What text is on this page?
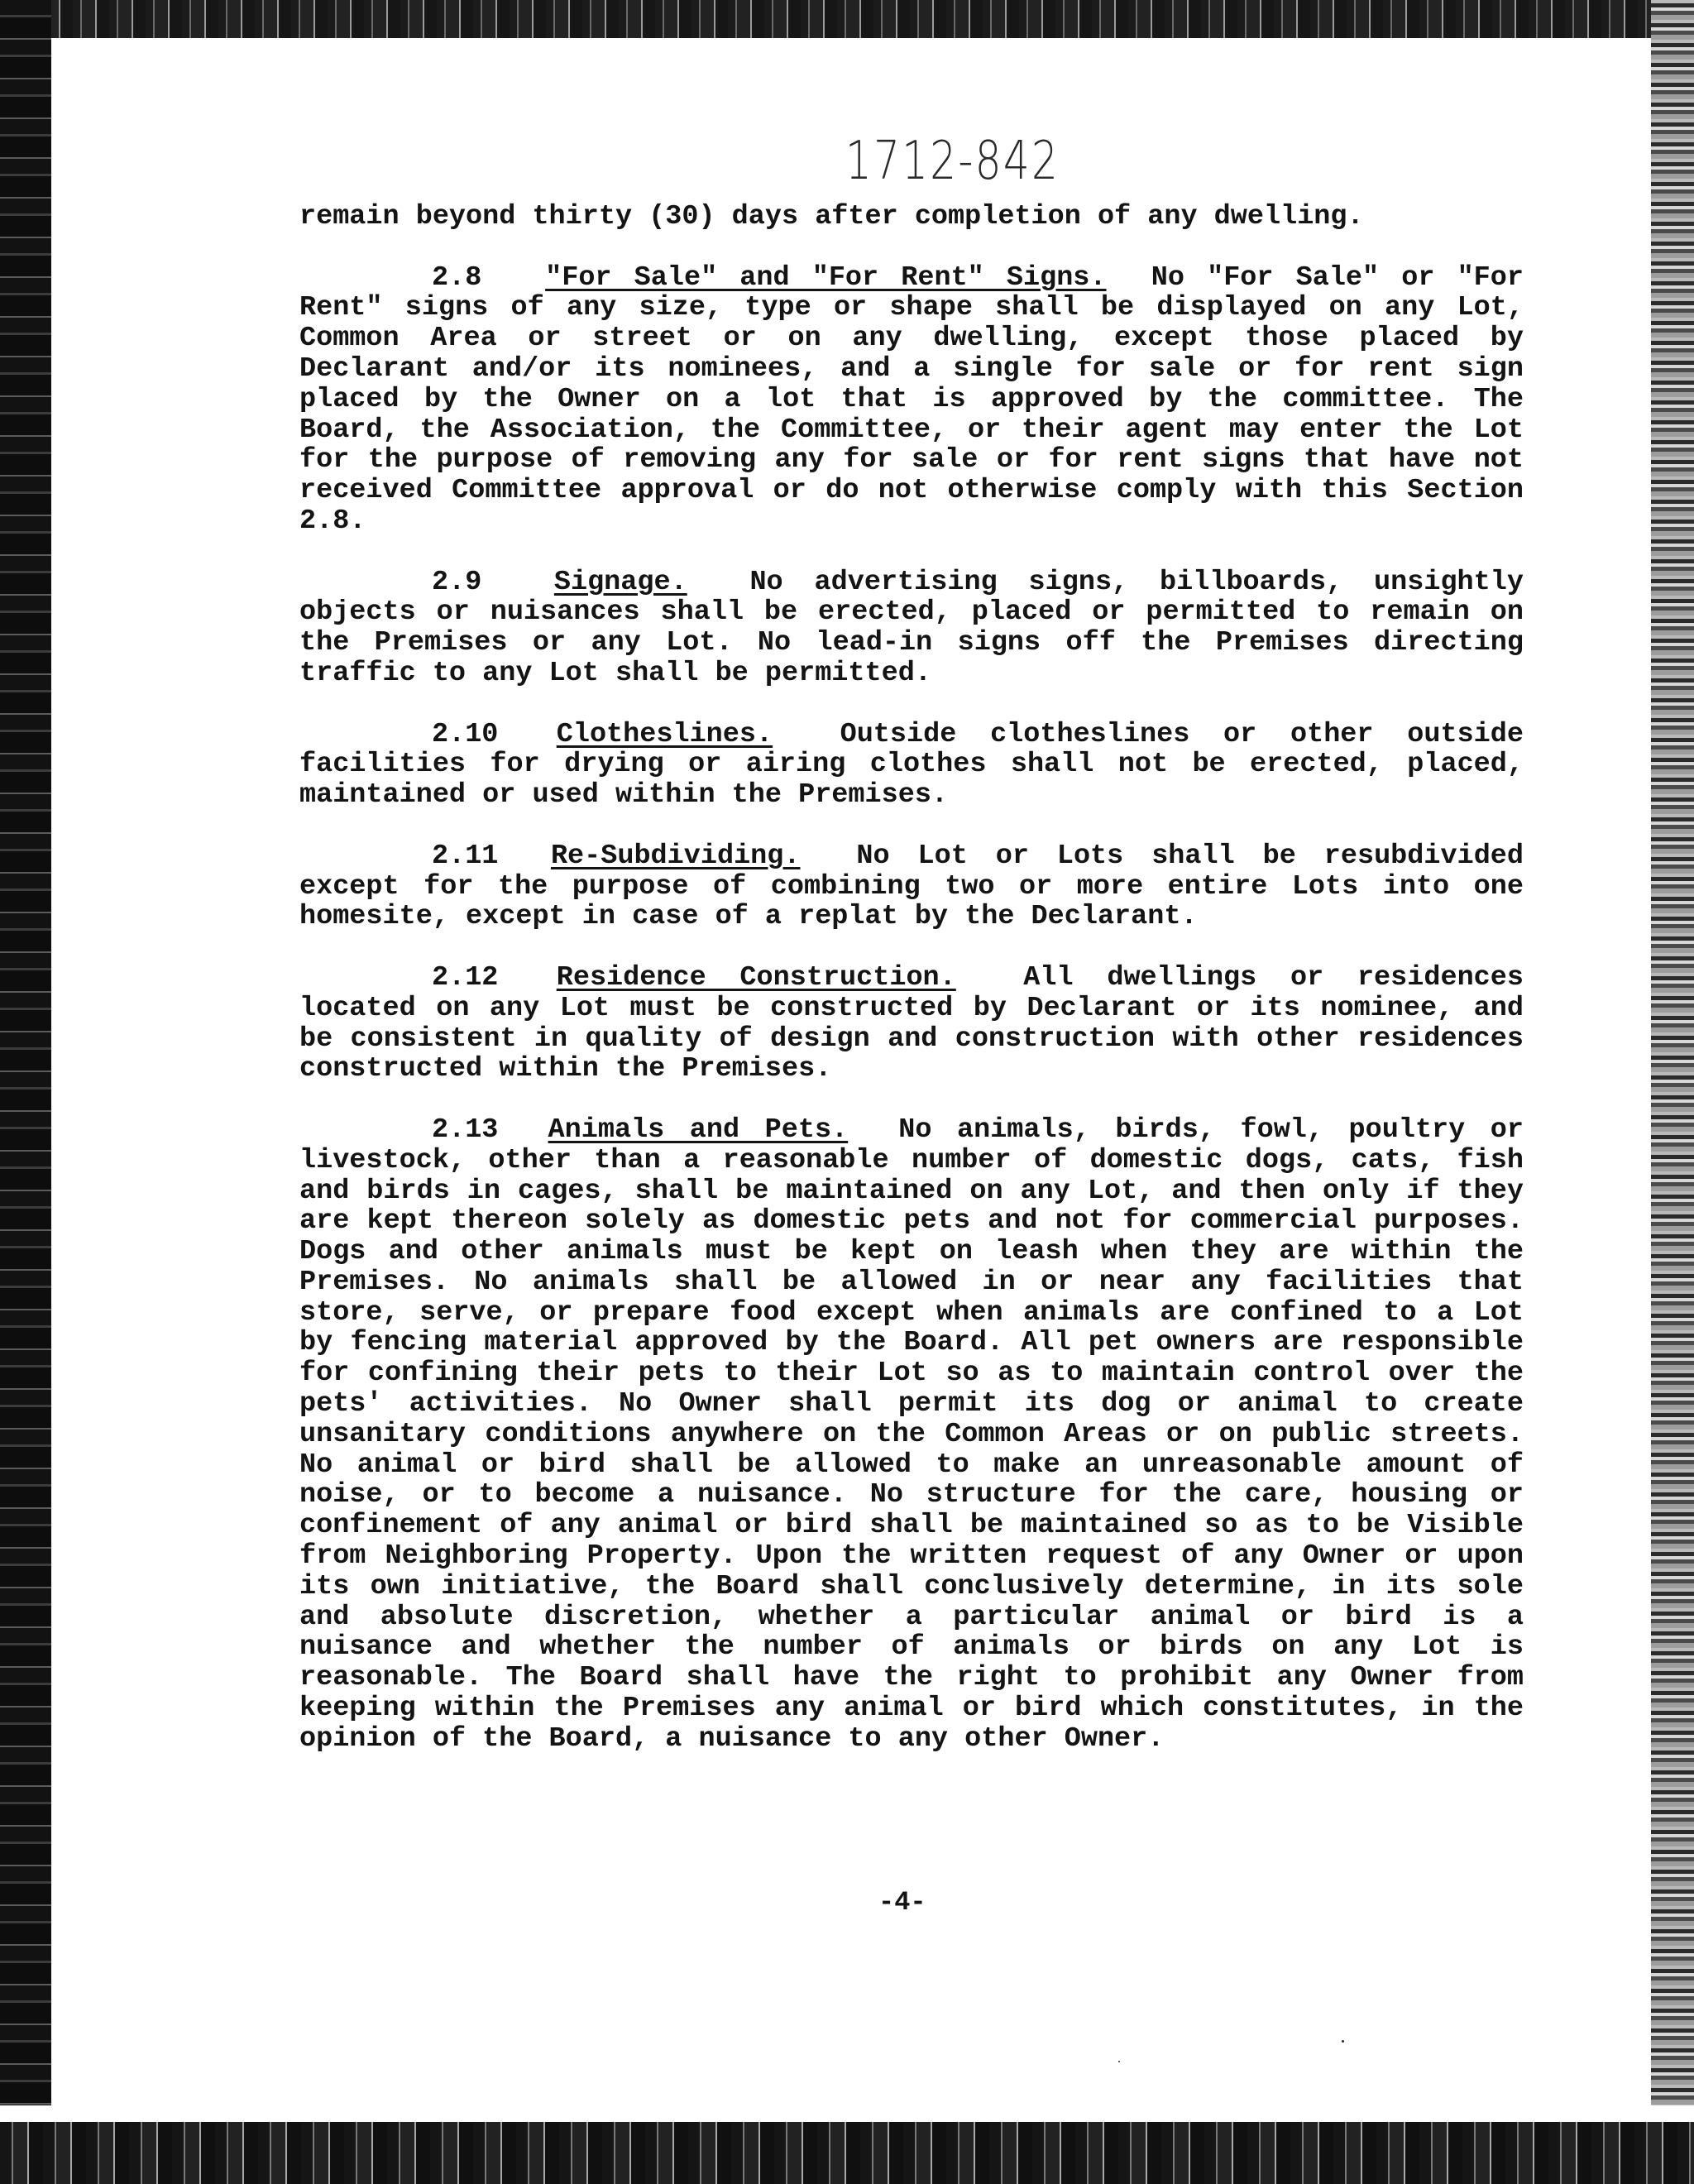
1712-842

remain beyond thirty (30) days after completion of any dwelling.

2.8 "For Sale" and "For Rent" Signs. No "For Sale" or "For Rent" signs of any size, type or shape shall be displayed on any Lot, Common Area or street or on any dwelling, except those placed by Declarant and/or its nominees, and a single for sale or for rent sign placed by the Owner on a lot that is approved by the committee. The Board, the Association, the Committee, or their agent may enter the Lot for the purpose of removing any for sale or for rent signs that have not received Committee approval or do not otherwise comply with this Section 2.8.

2.9	Signage. No advertising signs, billboards, unsightly objects or nuisances shall be erected, placed or permitted to remain on the Premises or any Lot. No lead-in signs off the Premises directing traffic to any Lot shall be permitted.

2.10 Clotheslines. Outside clotheslines or other outside facilities for drying or airing clothes shall not be erected, placed, maintained or used within the Premises.

2.11 Re-Subdividing. No Lot or Lots shall be resubdivided except for the purpose of combining two or more entire Lots into one homesite, except in case of a replat by the Declarant.

2.12 Residence Construction. All dwellings or residences located on any Lot must be constructed by Declarant or its nominee, and be consistent in quality of design and construction with other residences constructed within the Premises.

2.13 Animals and Pets. No animals, birds, fowl, poultry or livestock, other than a reasonable number of domestic dogs, cats, fish and birds in cages, shall be maintained on any Lot, and then only if they are kept thereon solely as domestic pets and not for commercial purposes. Dogs and other animals must be kept on leash when they are within the Premises. No animals shall be allowed in or near any facilities that store, serve, or prepare food except when animals are confined to a Lot by fencing material approved by the Board. All pet owners are responsible for confining their pets to their Lot so as to maintain control over the pets' activities. No Owner shall permit its dog or animal to create unsanitary conditions anywhere on the Common Areas or on public streets. No animal or bird shall be allowed to make an unreasonable amount of noise, or to become a nuisance. No structure for the care, housing or confinement of any animal or bird shall be maintained so as to be Visible from Neighboring Property. Upon the written request of any Owner or upon its own initiative, the Board shall conclusively determine, in its sole and absolute discretion, whether a particular animal or bird is a nuisance and whether the number of animals or birds on any Lot is reasonable. The Board shall have the right to prohibit any Owner from keeping within the Premises any animal or bird which constitutes, in the opinion of the Board, a nuisance to any other Owner.

-4-
